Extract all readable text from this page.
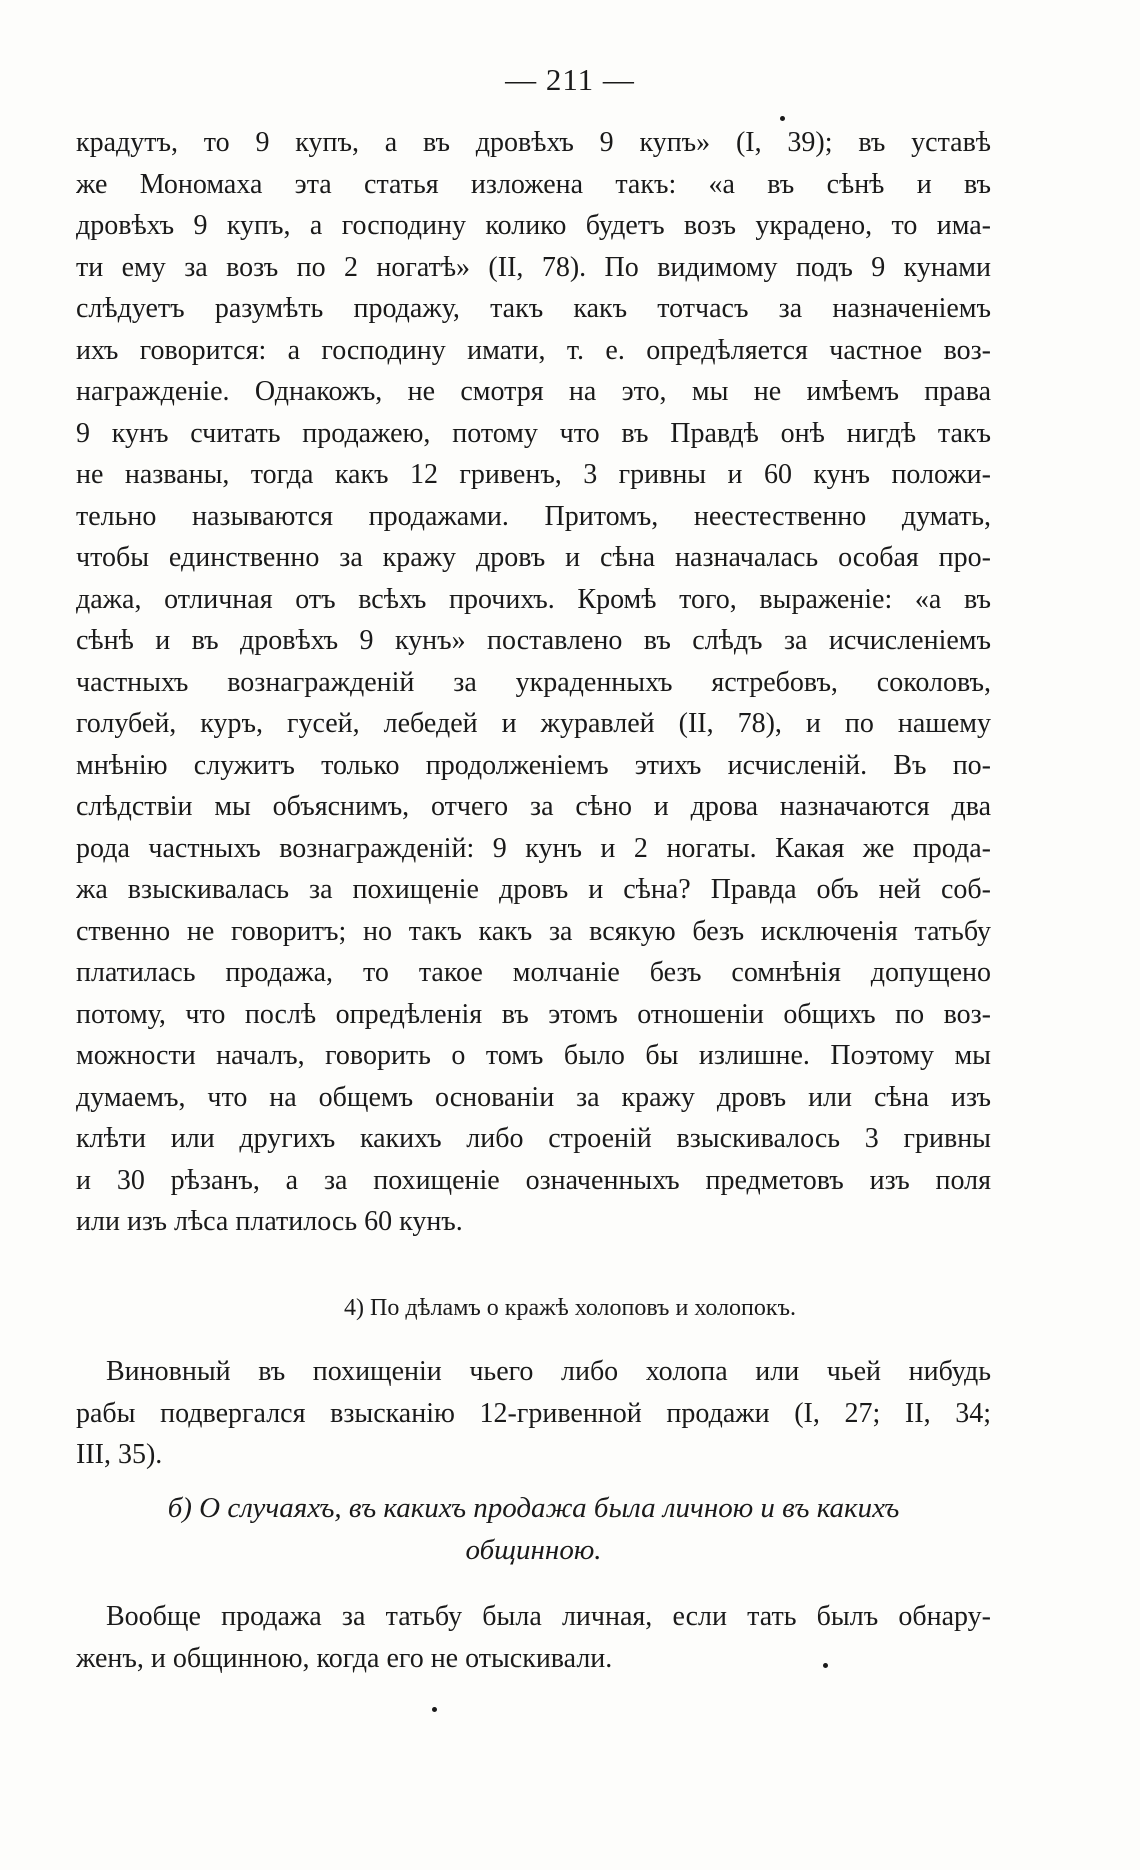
— 211 —

крадутъ, то 9 купъ, а въ дровѣхъ 9 купъ» (I, 39); въ уставѣ
же Мономаха эта статья изложена такъ: «а въ сѣнѣ и въ
дровѣхъ 9 купъ, а господину колико будетъ возъ украдено, то има-
ти ему за возъ по 2 ногатѣ» (II, 78). По видимому подъ 9 кунами
слѣдуетъ разумѣть продажу, такъ какъ тотчасъ за назначеніемъ
ихъ говорится: а господину имати, т. е. опредѣляется частное воз-
награжденіе. Однакожъ, не смотря на это, мы не имѣемъ права
9 кунъ считать продажею, потому что въ Правдѣ онѣ нигдѣ такъ
не названы, тогда какъ 12 гривенъ, 3 гривны и 60 кунъ положи-
тельно называются продажами. Притомъ, неестественно думать,
чтобы единственно за кражу дровъ и сѣна назначалась особая про-
дажа, отличная отъ всѣхъ прочихъ. Кромѣ того, выраженіе: «а въ
сѣнѣ и въ дровѣхъ 9 кунъ» поставлено въ слѣдъ за исчисленіемъ
частныхъ вознагражденій за украденныхъ ястребовъ, соколовъ,
голубей, куръ, гусей, лебедей и журавлей (II, 78), и по нашему
мнѣнію служитъ только продолженіемъ этихъ исчисленій. Въ по-
слѣдствіи мы объяснимъ, отчего за сѣно и дрова назначаются два
рода частныхъ вознагражденій: 9 кунъ и 2 ногаты. Какая же прода-
жа взыскивалась за похищеніе дровъ и сѣна? Правда объ ней соб-
ственно не говоритъ; но такъ какъ за всякую безъ исключенія татьбу
платилась продажа, то такое молчаніе безъ сомнѣнія допущено
потому, что послѣ опредѣленія въ этомъ отношеніи общихъ по воз-
можности началъ, говорить о томъ было бы излишне. Поэтому мы
думаемъ, что на общемъ основаніи за кражу дровъ или сѣна изъ
клѣти или другихъ какихъ либо строеній взыскивалось 3 гривны
и 30 рѣзанъ, а за похищеніе означенныхъ предметовъ изъ поля
или изъ лѣса платилось 60 кунъ.

4) По дѣламъ о кражѣ холоповъ и холопокъ.

Виновный въ похищеніи чьего либо холопа или чьей нибудь
рабы подвергался взысканію 12-гривенной продажи (I, 27; II, 34;
III, 35).

б) О случаяхъ, въ какихъ продажа была личною и въ какихъ
общинною.

Вообще продажа за татьбу была личная, если тать былъ обнару-
женъ, и общинною, когда его не отыскивали.
